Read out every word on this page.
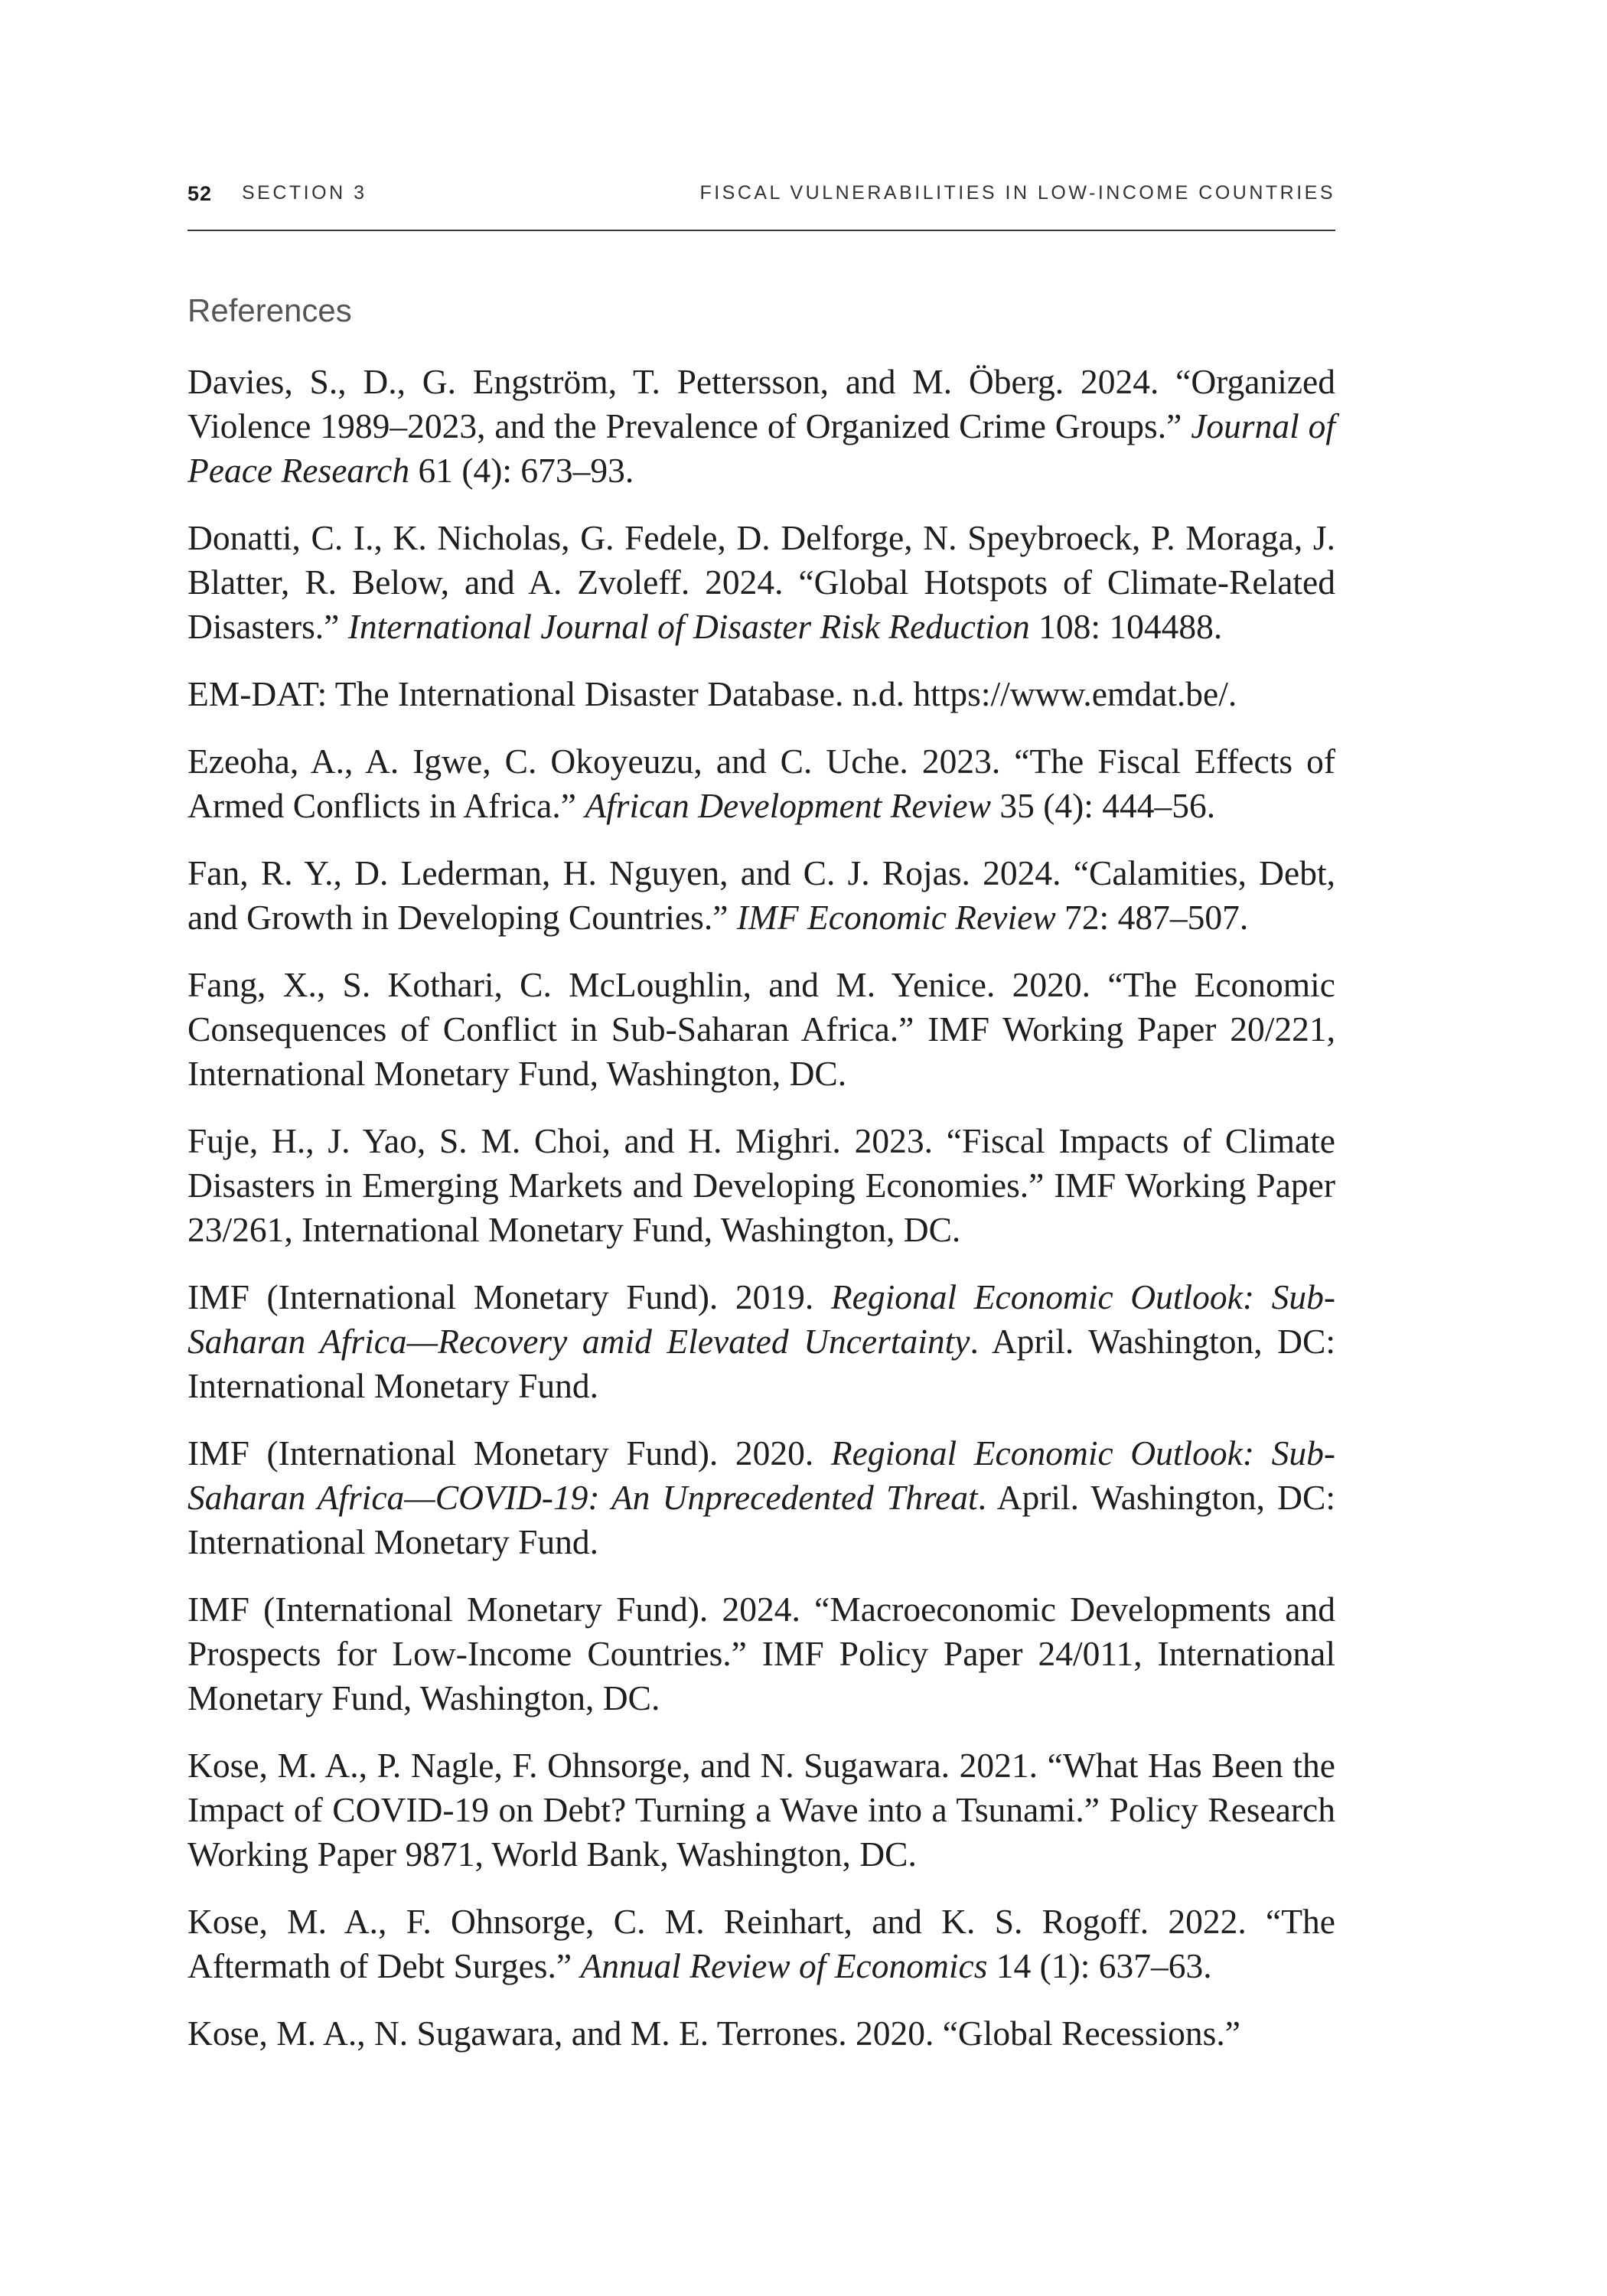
52 SECTION 3	FISCAL VULNERABILITIES IN LOW-INCOME COUNTRIES
References
Davies, S., D., G. Engström, T. Pettersson, and M. Öberg. 2024. “Organized Violence 1989–2023, and the Prevalence of Organized Crime Groups.” Journal of Peace Research 61 (4): 673–93.
Donatti, C. I., K. Nicholas, G. Fedele, D. Delforge, N. Speybroeck, P. Moraga, J. Blatter, R. Below, and A. Zvoleff. 2024. “Global Hotspots of Climate-Related Disasters.” International Journal of Disaster Risk Reduction 108: 104488.
EM-DAT: The International Disaster Database. n.d. https://www.emdat.be/.
Ezeoha, A., A. Igwe, C. Okoyeuzu, and C. Uche. 2023. “The Fiscal Effects of Armed Conflicts in Africa.” African Development Review 35 (4): 444–56.
Fan, R. Y., D. Lederman, H. Nguyen, and C. J. Rojas. 2024. “Calamities, Debt, and Growth in Developing Countries.” IMF Economic Review 72: 487–507.
Fang, X., S. Kothari, C. McLoughlin, and M. Yenice. 2020. “The Economic Consequences of Conflict in Sub-Saharan Africa.” IMF Working Paper 20/221, International Monetary Fund, Washington, DC.
Fuje, H., J. Yao, S. M. Choi, and H. Mighri. 2023. “Fiscal Impacts of Climate Disasters in Emerging Markets and Developing Economies.” IMF Working Paper 23/261, International Monetary Fund, Washington, DC.
IMF (International Monetary Fund). 2019. Regional Economic Outlook: Sub-Saharan Africa—Recovery amid Elevated Uncertainty. April. Washington, DC: International Monetary Fund.
IMF (International Monetary Fund). 2020. Regional Economic Outlook: Sub-Saharan Africa—COVID-19: An Unprecedented Threat. April. Washington, DC: International Monetary Fund.
IMF (International Monetary Fund). 2024. “Macroeconomic Developments and Prospects for Low-Income Countries.” IMF Policy Paper 24/011, International Monetary Fund, Washington, DC.
Kose, M. A., P. Nagle, F. Ohnsorge, and N. Sugawara. 2021. “What Has Been the Impact of COVID-19 on Debt? Turning a Wave into a Tsunami.” Policy Research Working Paper 9871, World Bank, Washington, DC.
Kose, M. A., F. Ohnsorge, C. M. Reinhart, and K. S. Rogoff. 2022. “The Aftermath of Debt Surges.” Annual Review of Economics 14 (1): 637–63.
Kose, M. A., N. Sugawara, and M. E. Terrones. 2020. “Global Recessions.”
